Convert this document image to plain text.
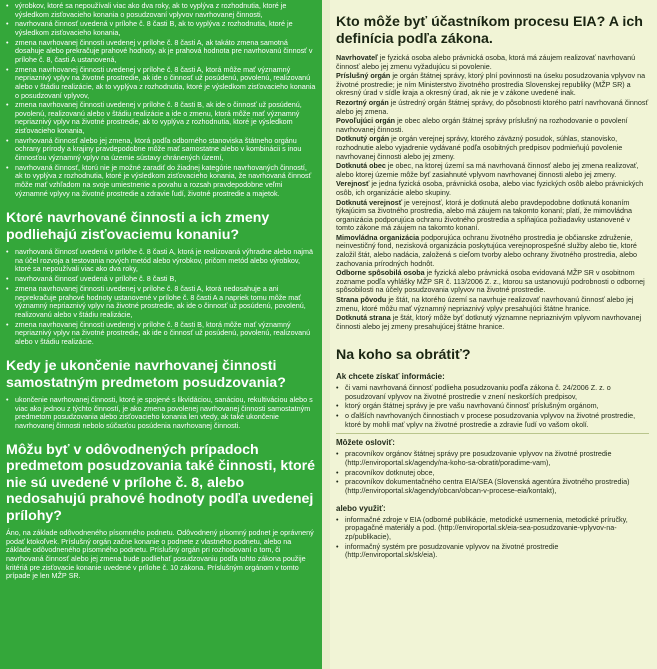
• výrobkov, ktoré sa nepoužívali viac ako dva roky, ak to vyplýva z rozhodnutia, ktoré je výsledkom zisťovacieho konania o posudzovaní vplyvov navrhovanej činnosti,
• navrhovaná činnosť uvedená v prílohe č. 8 časti B, ak to vyplýva z rozhodnutia, ktoré je výsledkom zisťovacieho konania,
• zmena navrhovanej činnosti uvedenej v prílohe č. 8 časti A, ak takáto zmena samotná dosahuje alebo prekračuje prahové hodnoty, ak je prahová hodnota pre navrhovanú činnosť v prílohe č. 8, časti A ustanovená,
• zmena navrhovanej činnosti uvedenej v prílohe č. 8 časti A, ktorá môže mať významný nepriaznivý vplyv na životné prostredie, ak ide o činnosť už posúdenú, povolenú, realizovanú alebo v štádiu realizácie, ak to vyplýva z rozhodnutia, ktoré je výsledkom zisťovacieho konania o posudzovaní vplyvov,
• zmena navrhovanej činnosti uvedenej v prílohe č. 8 časti B, ak ide o činnosť už posúdenú, povolenú, realizovanú alebo v štádiu realizácie a ide o zmenu, ktorá môže mať významný nepriaznivý vplyv na životné prostredie, ak to vyplýva z rozhodnutia, ktoré je výsledkom zisťovacieho konania,
• navrhovaná činnosť alebo jej zmena, ktorá podľa odborného stanoviska štátneho orgánu ochrany prírody a krajiny pravdepodobne môže mať samostatne alebo v kombinácii s inou činnosťou významný vplyv na územie sústavy chránených území,
• navrhovaná činnosť, ktorú nie je možné zaradiť do žiadnej kategórie navrhovaných činností, ak to vyplýva z rozhodnutia, ktoré je výsledkom zisťovacieho konania, že navrhovaná činnosť môže mať vzhľadom na svoje umiestnenie a povahu a rozsah pravdepodobne veľmi významné vplyvy na životné prostredie a zdravie ľudí, životné prostredie a majetok.
Ktoré navrhované činnosti a ich zmeny podliehajú zisťovaciemu konaniu?
• navrhovaná činnosť uvedená v prílohe č. 8 časti A, ktorá je realizovaná výhradne alebo najmä na účel rozvoja a testovania nových metód alebo výrobkov, pričom metód alebo výrobkov, ktoré sa nepoužívali viac ako dva roky,
• navrhovaná činnosť uvedená v prílohe č. 8 časti B,
• zmena navrhovanej činnosti uvedenej v prílohe č. 8 časti A, ktorá nedosahuje a ani neprekračuje prahové hodnoty ustanovené v prílohe č. 8 časti A a napriek tomu môže mať významný nepriaznivý vplyv na životné prostredie, ak ide o činnosť už posúdenú, povolenú, realizovanú alebo v štádiu realizácie,
• zmena navrhovanej činnosti uvedenej v prílohe č. 8 časti B, ktorá môže mať významný nepriaznivý vplyv na životné prostredie, ak ide o činnosť už posúdenú, povolenú, realizovanú alebo v štádiu realizácie.
Kedy je ukončenie navrhovanej činnosti samostatným predmetom posudzovania?
• ukončenie navrhovanej činnosti, ktoré je spojené s likvidáciou, sanáciou, rekultiváciou alebo s viac ako jednou z týchto činností, je ako zmena povolenej navrhovanej činnosti samostatným predmetom posudzovania alebo zisťovacieho konania len vtedy, ak také ukončenie navrhovanej činnosti nebolo súčasťou posúdenia navrhovanej činnosti.
Môžu byť v odôvodnených prípadoch predmetom posudzovania také činnosti, ktoré nie sú uvedené v prílohe č. 8, alebo nedosahujú prahové hodnoty podľa uvedenej prílohy?

Áno, na základe odôvodneného písomného podnetu. Odôvodnený písomný podnet je oprávnený podať ktokoľvek. Príslušný orgán začne konanie o podnete z vlastného podnetu, alebo na základe odôvodneného písomného podnetu. Príslušný orgán pri rozhodovaní o tom, či navrhovaná činnosť alebo jej zmena bude podliehať posudzovaniu podľa tohto zákona použije kritériá pre zisťovacie konanie uvedené v prílohe č. 10 zákona. Príslušným orgánom v tomto prípade je len MŽP SR.

Kto môže byť účastníkom procesu EIA? A ich definícia podľa zákona.

Navrhovateľ je fyzická osoba alebo právnická osoba, ktorá má záujem realizovať navrhovanú činnosť alebo jej zmenu vyžadujúcu si povolenie.

Príslušný orgán je orgán štátnej správy, ktorý plní povinnosti na úseku posudzovania vplyvov na životné prostredie; je ním Ministerstvo životného prostredia Slovenskej republiky (MŽP SR) a okresný úrad v sídle kraja a okresný úrad, ak nie je v zákone uvedené inak.

Rezortný orgán je ústredný orgán štátnej správy, do pôsobnosti ktorého patrí navrhovaná činnosť alebo jej zmena.

Povoľujúci orgán je obec alebo orgán štátnej správy príslušný na rozhodovanie o povolení navrhovanej činnosti.

Dotknutý orgán je orgán verejnej správy, ktorého záväzný posudok, súhlas, stanovisko, rozhodnutie alebo vyjadrenie vydávané podľa osobitných predpisov podmieňujú povolenie navrhovanej činnosti alebo jej zmeny.

Dotknutá obec je obec, na ktorej území sa má navrhovaná činnosť alebo jej zmena realizovať, alebo ktorej územie môže byť zasiahnuté vplyvom navrhovanej činnosti alebo jej zmeny.

Verejnosť je jedna fyzická osoba, právnická osoba, alebo viac fyzických osôb alebo právnických osôb, ich organizácie alebo skupiny.

Dotknutá verejnosť je verejnosť, ktorá je dotknutá alebo pravdepodobne dotknutá konaním týkajúcim sa životného prostredia, alebo má záujem na takomto konaní; platí, že mimovládna organizácia podporujúca ochranu životného prostredia a spĺňajúca požiadavky ustanovené v tomto zákone má záujem na takomto konaní.

Mimovládna organizácia podporujúca ochranu životného prostredia je občianske združenie, neinvestičný fond, nezisková organizácia poskytujúca verejnoprospešné služby alebo tie, ktoré založil štát, alebo nadácia, založená s cieľom tvorby alebo ochrany životného prostredia, alebo zachovania prírodných hodnôt.

Odborne spôsobilá osoba je fyzická alebo právnická osoba evidovaná MŽP SR v osobitnom zozname podľa vyhlášky MŽP SR č. 113/2006 Z. z., ktorou sa ustanovujú podrobnosti o odbornej spôsobilosti na účely posudzovania vplyvov na životné prostredie.

Strana pôvodu je štát, na ktorého území sa navrhuje realizovať navrhovanú činnosť alebo jej zmenu, ktoré môžu mať významný nepriaznivý vplyv presahujúci štátne hranice.

Dotknutá strana je štát, ktorý môže byť dotknutý významne nepriaznivým vplyvom navrhovanej činnosti alebo jej zmeny presahujúcej štátne hranice.

Na koho sa obrátiť?

Ak chcete získať informácie:

• či vami navrhovaná činnosť podlieha posudzovaniu podľa zákona č. 24/2006 Z. z. o posudzovaní vplyvov na životné prostredie v znení neskorších predpisov,
• ktorý orgán štátnej správy je pre vašu navrhovanú činnosť príslušným orgánom,
• o ďalších navrhovaných činnostiach v procese posudzovania vplyvov na životné prostredie, ktoré by mohli mať vplyv na životné prostredie a zdravie ľudí vo vašom okolí.

Môžete osloviť:

• pracovníkov orgánov štátnej správy pre posudzovanie vplyvov na životné prostredie (http://enviroportal.sk/agendy/na-koho-sa-obratit/poradime-vam),
• pracovníkov dotknutej obce,
• pracovníkov dokumentačného centra EIA/SEA (Slovenská agentúra životného prostredia) (http://enviroportal.sk/agendy/obcan/obcan-v-procese-eia/kontakt),

alebo využiť:

• informačné zdroje v EIA (odborné publikácie, metodické usmernenia, metodické príručky, propagačné materiály a pod. (http://enviroportal.sk/eia-sea-posudzovanie-vplyvov-na-zp/publikacie),
• informačný systém pre posudzovanie vplyvov na životné prostredie (http://enviroportal.sk/sk/eia).
